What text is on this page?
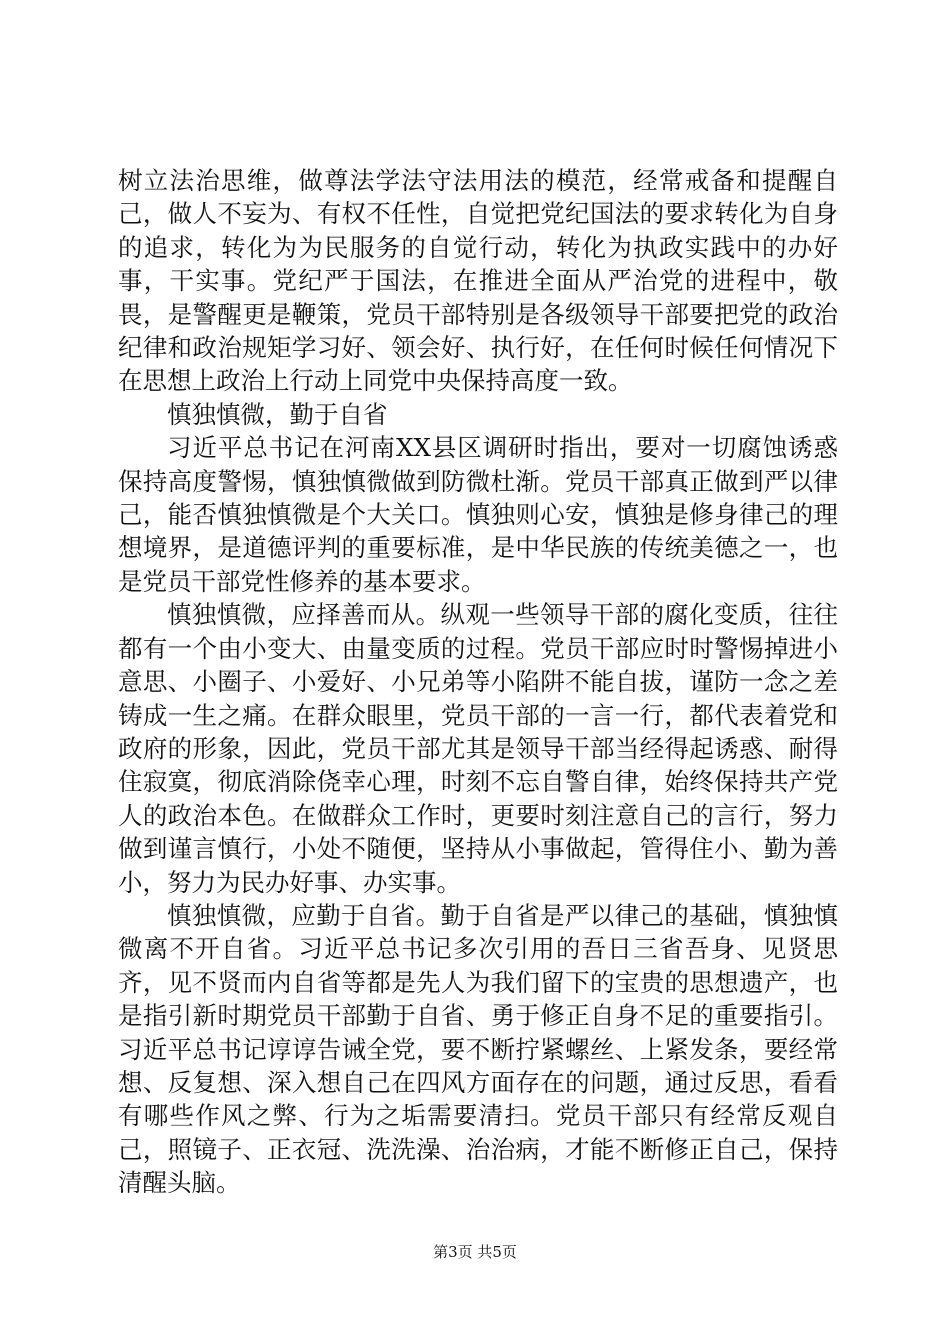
树立法治思维，做尊法学法守法用法的模范，经常戒备和提醒自己，做人不妄为、有权不任性，自觉把党纪国法的要求转化为自身的追求，转化为为民服务的自觉行动，转化为执政实践中的办好事，干实事。党纪严于国法，在推进全面从严治党的进程中，敬畏，是警醒更是鞭策，党员干部特别是各级领导干部要把党的政治纪律和政治规矩学习好、领会好、执行好，在任何时候任何情况下在思想上政治上行动上同党中央保持高度一致。

慎独慎微，勤于自省

习近平总书记在河南XX县区调研时指出，要对一切腐蚀诱惑保持高度警惕，慎独慎微做到防微杜渐。党员干部真正做到严以律己，能否慎独慎微是个大关口。慎独则心安，慎独是修身律己的理想境界，是道德评判的重要标准，是中华民族的传统美德之一，也是党员干部党性修养的基本要求。

慎独慎微，应择善而从。纵观一些领导干部的腐化变质，往往都有一个由小变大、由量变质的过程。党员干部应时时警惕掉进小意思、小圈子、小爱好、小兄弟等小陷阱不能自拔，谨防一念之差铸成一生之痛。在群众眼里，党员干部的一言一行，都代表着党和政府的形象，因此，党员干部尤其是领导干部当经得起诱惑、耐得住寂寞，彻底消除侥幸心理，时刻不忘自警自律，始终保持共产党人的政治本色。在做群众工作时，更要时刻注意自己的言行，努力做到谨言慎行，小处不随便，坚持从小事做起，管得住小、勤为善小，努力为民办好事、办实事。

慎独慎微，应勤于自省。勤于自省是严以律己的基础，慎独慎微离不开自省。习近平总书记多次引用的吾日三省吾身、见贤思齐，见不贤而内自省等都是先人为我们留下的宝贵的思想遗产，也是指引新时期党员干部勤于自省、勇于修正自身不足的重要指引。习近平总书记谆谆告诫全党，要不断拧紧螺丝、上紧发条，要经常想、反复想、深入想自己在四风方面存在的问题，通过反思，看看有哪些作风之弊、行为之垢需要清扫。党员干部只有经常反观自己，照镜子、正衣冠、洗洗澡、治治病，才能不断修正自己，保持清醒头脑。

第3页 共5页
